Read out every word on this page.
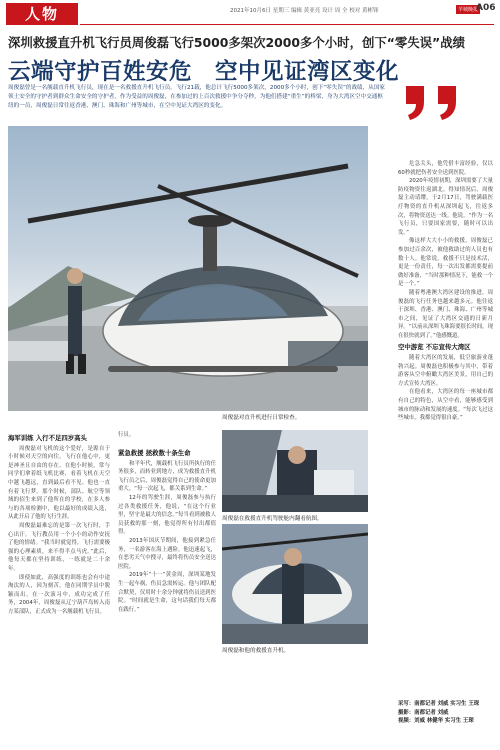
人物	2021年10月6日 星期三 编辑 黄亚亮 设计 周 全 校对 黄彬锋	羊城晚报
A06
深圳救援直升机飞行员周俊磊飞行5000多架次2000多个小时，创下“零失误”战绩
云端守护百姓安危　空中见证湾区变化
周俊磊曾是一名舰载直升机飞行员，现在是一名救援直升机飞行员。飞行21载，他总计飞行5000多架次，2000多个小时，创下“零失误”的战绩，从国家领土安全的守护者到群众生命安全的守护者，作为受益的周俊磊，在参加过的上百次救援中争分夺秒，为他们搭建“重生”的桥梁，身为大湾区空中交通枢纽的一员，周俊磊日常往返香港、澳门、珠海和广州等城市，在空中见证大湾区的变化。
周俊磊对直升机进行日常检查。
周俊磊在救援直升机驾驶舱内翻看航图。
周俊磊和他的救援直升机。
海军训练 入行不足四岁高头

周俊磊对飞机的这个爱好，是源自于小时候对天空的向往。飞行在他心中，更是神圣且自由的存在。在他小时候，常与同学们拿着纸飞机比赛，看着飞机在天空中越飞越远，直到最后看不见。他也一直有着飞行梦。那个时候，部队、航空等领域的招生来到了他所在的学校，在多人参与的各项检测中，他以最好的成绩入选，从此开启了他的飞行生涯。

周俊磊最难忘的是第一次飞行时，手心出汗。飞行教员用一个小小的动作安抚了他的情绪。“我当时就觉得，飞行需要极强的心理素质，来不得半点马虎。”此后，他每天都在坚持训练，一练就是二十余年。

即使如此，高强度的训练也会有中途淘汰的人，因为刻苦，他在同期学员中脱颖而出，在一次演习中，成功完成了任务，2004年，周俊磊从辽宁葫芦岛转入南方某部队，正式成为一名舰载机飞行员。

行员。
紧急救援 拯救数十条生命

和平年代，舰载机飞行员所执行的任务很多，而转业到地方，成为救援直升机飞行员之后，周俊磊觉得自己的使命更加重大。“每一次起飞，都关系到生命。”

12年的驾驶生涯，周俊磊参与执行过各类救援任务，他说，“在这个行业里，坚守是最大的信念。”每当看到被救人员获救的那一刻，他觉得所有付出都值得。

2013年国庆节期间，他接到紧急任务，一名游客在海上遇险。他迅速起飞，在恶劣天气中搜寻，最终将伤员安全送达医院。

2019年“十一”黄金周，深圳某地发生一起车祸，伤员急需转运。他与团队配合默契，仅用时十余分钟就将伤员送到医院。“时间就是生命，这句话我们每天都在践行。”

危急关头，他凭借丰富经验，仅以60秒就把伤者安全送到医院。

2020年疫情初期，深圳需要了大量防疫物资往返湖北。得知情况后，周俊磊主动请缨，于2月17日，驾驶满载医疗物资的直升机从深圳起飞，往返多次，将物资送达一线。他说，“作为一名飞行员，只要国家需要，随时可以出发。”

像这样大大小小的救援，周俊磊已参加过百余次，被他救助过的人员也有数十人。他常说，救援不只是技术活，更是一份责任，每一次出发都需要提前做好准备，“当时那种情况下，能救一个是一个。”

随着粤港澳大湾区建设的推进，周俊磊的飞行任务也越来越多元。他往返于深圳、香港、澳门、珠海、广州等城市之间，见证了大湾区交通的日新月异。“以前从深圳飞珠海要很长时间，现在很快就到了。”他感慨道。

空中游览 不忘宣传大湾区

随着大湾区的发展，低空旅游业蓬勃兴起。周俊磊也积极参与其中，带着游客从空中俯瞰大湾区美景，用自己的方式宣传大湾区。

在他看来，大湾区的每一座城市都有自己的特色，从空中看，能够感受到城市的脉动和发展的速度。“每次飞过这些城市，我都觉得很自豪。”

采写：南都记者 刘威 实习生 王琛
摄影：南都记者 刘威
视频：刘威 林健华 实习生 王琛
